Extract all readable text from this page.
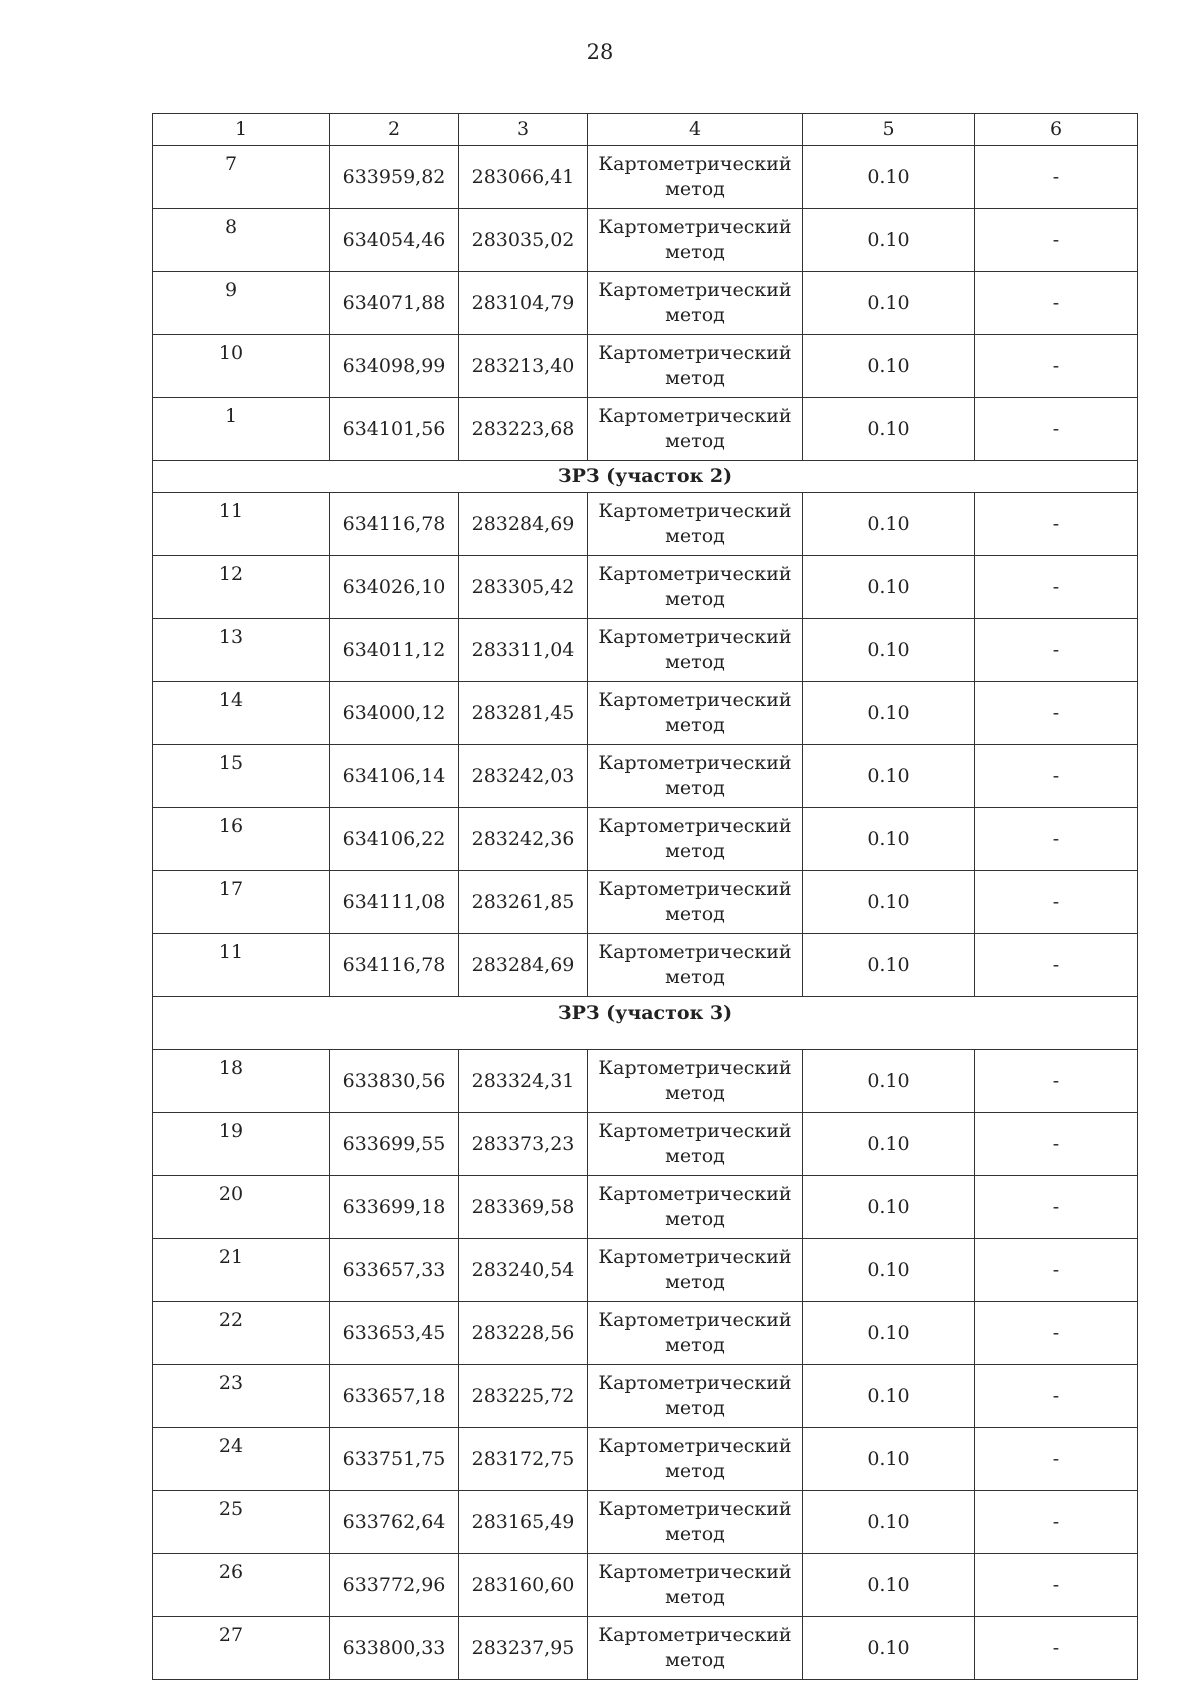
28
1	2	3	4	5	6
7	633959,82	283066,41	Картометрический метод	0.10	-
8	634054,46	283035,02	Картометрический метод	0.10	-
9	634071,88	283104,79	Картометрический метод	0.10	-
10	634098,99	283213,40	Картометрический метод	0.10	-
1	634101,56	283223,68	Картометрический метод	0.10	-
ЗРЗ (участок 2)					
11	634116,78	283284,69	Картометрический метод	0.10	-
12	634026,10	283305,42	Картометрический метод	0.10	-
13	634011,12	283311,04	Картометрический метод	0.10	-
14	634000,12	283281,45	Картометрический метод	0.10	-
15	634106,14	283242,03	Картометрический метод	0.10	-
16	634106,22	283242,36	Картометрический метод	0.10	-
17	634111,08	283261,85	Картометрический метод	0.10	-
11	634116,78	283284,69	Картометрический метод	0.10	-
ЗРЗ (участок 3)					
18	633830,56	283324,31	Картометрический метод	0.10	-
19	633699,55	283373,23	Картометрический метод	0.10	-
20	633699,18	283369,58	Картометрический метод	0.10	-
21	633657,33	283240,54	Картометрический метод	0.10	-
22	633653,45	283228,56	Картометрический метод	0.10	-
23	633657,18	283225,72	Картометрический метод	0.10	-
24	633751,75	283172,75	Картометрический метод	0.10	-
25	633762,64	283165,49	Картометрический метод	0.10	-
26	633772,96	283160,60	Картометрический метод	0.10	-
27	633800,33	283237,95	Картометрический метод	0.10	-
